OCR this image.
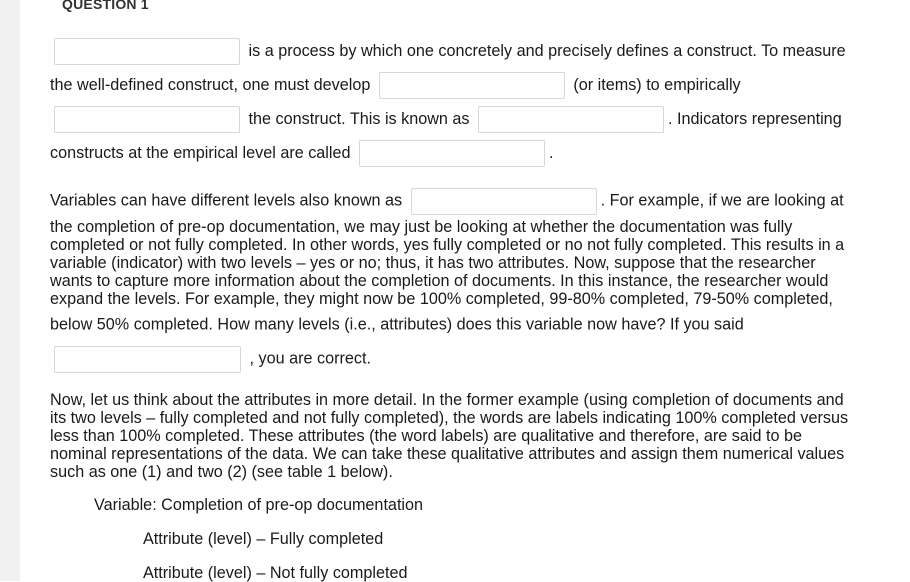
QUESTION 1

is a process by which one concretely and precisely defines a construct. To measure the well-defined construct, one must develop	(or items) to empirically  the construct. This is known as	. Indicators representing constructs at the empirical level are called	.

Variables can have different levels also known as	. For example, if we are looking at the completion of pre-op documentation, we may just be looking at whether the documentation was fully completed or not fully completed. In other words, yes fully completed or no not fully completed. This results in a variable (indicator) with two levels – yes or no; thus, it has two attributes. Now, suppose that the researcher wants to capture more information about the completion of documents. In this instance, the researcher would expand the levels. For example, they might now be 100% completed, 99-80% completed, 79-50% completed, below 50% completed. How many levels (i.e., attributes) does this variable now have? If you said  , you are correct.

Now, let us think about the attributes in more detail. In the former example (using completion of documents and its two levels – fully completed and not fully completed), the words are labels indicating 100% completed versus less than 100% completed. These attributes (the word labels) are qualitative and therefore, are said to be nominal representations of the data. We can take these qualitative attributes and assign them numerical values such as one (1) and two (2) (see table 1 below).

Variable: Completion of pre-op documentation

Attribute (level) – Fully completed

Attribute (level) – Not fully completed
